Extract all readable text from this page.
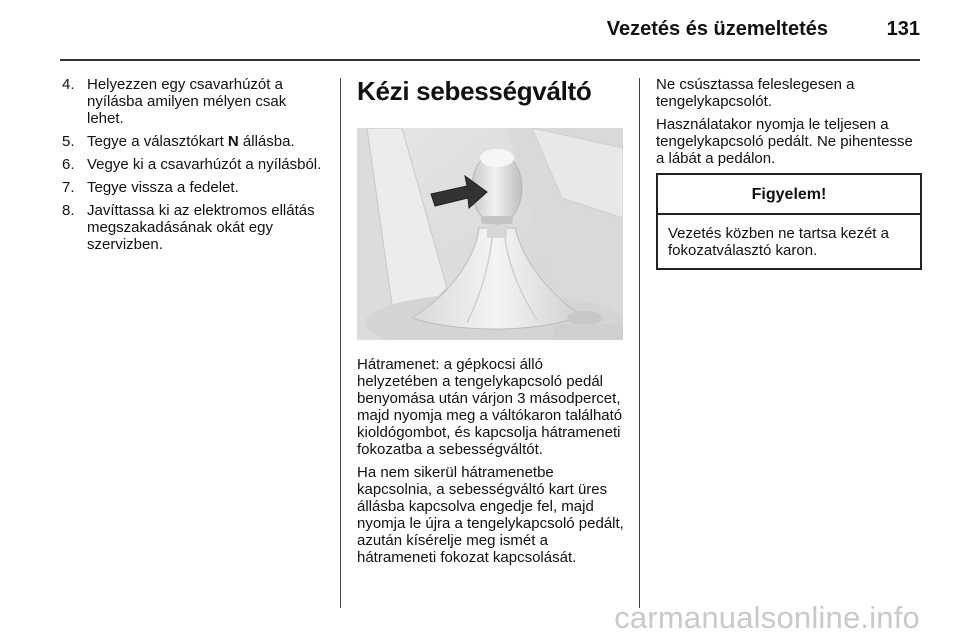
Vezetés és üzemeltetés	131
4. Helyezzen egy csavarhúzót a nyílásba amilyen mélyen csak lehet.
5. Tegye a választókart N állásba.
6. Vegye ki a csavarhúzót a nyílásból.
7. Tegye vissza a fedelet.
8. Javíttassa ki az elektromos ellátás megszakadásának okát egy szervizben.
Kézi sebességváltó

Hátramenet: a gépkocsi álló helyzetében a tengelykapcsoló pedál benyomása után várjon 3 másodpercet, majd nyomja meg a váltókaron található kioldógombot, és kapcsolja hátrameneti fokozatba a sebességváltót.

Ha nem sikerül hátramenetbe kapcsolnia, a sebességváltó kart üres állásba kapcsolva engedje fel, majd nyomja le újra a tengelykapcsoló pedált, azután kísérelje meg ismét a hátrameneti fokozat kapcsolását.

Ne csúsztassa feleslegesen a tengelykapcsolót.

Használatakor nyomja le teljesen a tengelykapcsoló pedált. Ne pihentesse a lábát a pedálon.

Figyelem!
Vezetés közben ne tartsa kezét a fokozatválasztó karon.
carmanualsonline.info
